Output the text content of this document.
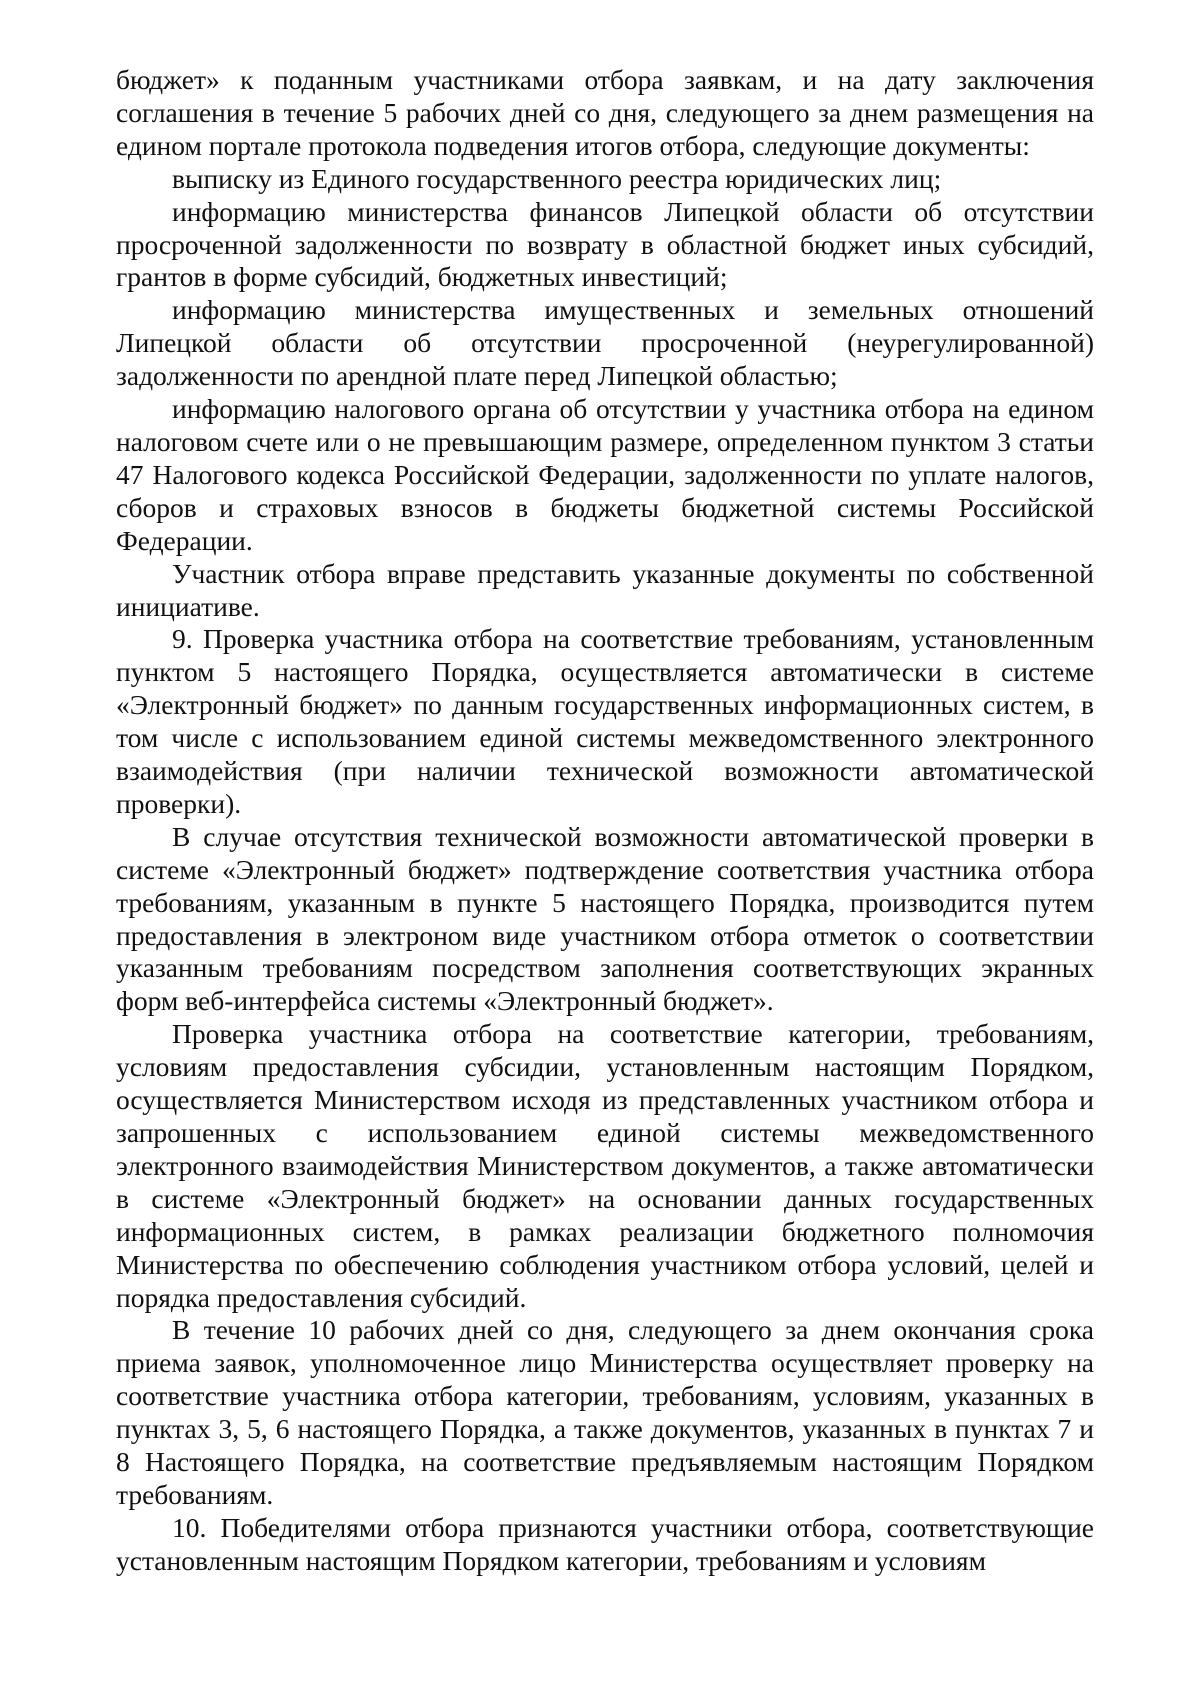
бюджет» к поданным участниками отбора заявкам, и на дату заключения соглашения в течение 5 рабочих дней со дня, следующего за днем размещения на едином портале протокола подведения итогов отбора, следующие документы:

выписку из Единого государственного реестра юридических лиц;

информацию министерства финансов Липецкой области об отсутствии просроченной задолженности по возврату в областной бюджет иных субсидий, грантов в форме субсидий, бюджетных инвестиций;

информацию министерства имущественных и земельных отношений Липецкой области об отсутствии просроченной (неурегулированной) задолженности по арендной плате перед Липецкой областью;

информацию налогового органа об отсутствии у участника отбора на едином налоговом счете или о не превышающим размере, определенном пунктом 3 статьи 47 Налогового кодекса Российской Федерации, задолженности по уплате налогов, сборов и страховых взносов в бюджеты бюджетной системы Российской Федерации.

Участник отбора вправе представить указанные документы по собственной инициативе.

9. Проверка участника отбора на соответствие требованиям, установленным пунктом 5 настоящего Порядка, осуществляется автоматически в системе «Электронный бюджет» по данным государственных информационных систем, в том числе с использованием единой системы межведомственного электронного взаимодействия (при наличии технической возможности автоматической проверки).

В случае отсутствия технической возможности автоматической проверки в системе «Электронный бюджет» подтверждение соответствия участника отбора требованиям, указанным в пункте 5 настоящего Порядка, производится путем предоставления в электроном виде участником отбора отметок о соответствии указанным требованиям посредством заполнения соответствующих экранных форм веб-интерфейса системы «Электронный бюджет».

Проверка участника отбора на соответствие категории, требованиям, условиям предоставления субсидии, установленным настоящим Порядком, осуществляется Министерством исходя из представленных участником отбора и запрошенных с использованием единой системы межведомственного электронного взаимодействия Министерством документов, а также автоматически в системе «Электронный бюджет» на основании данных государственных информационных систем, в рамках реализации бюджетного полномочия Министерства по обеспечению соблюдения участником отбора условий, целей и порядка предоставления субсидий.

В течение 10 рабочих дней со дня, следующего за днем окончания срока приема заявок, уполномоченное лицо Министерства осуществляет проверку на соответствие участника отбора категории, требованиям, условиям, указанных в пунктах 3, 5, 6 настоящего Порядка, а также документов, указанных в пунктах 7 и 8 Настоящего Порядка, на соответствие предъявляемым настоящим Порядком требованиям.

10. Победителями отбора признаются участники отбора, соответствующие установленным настоящим Порядком категории, требованиям и условиям
